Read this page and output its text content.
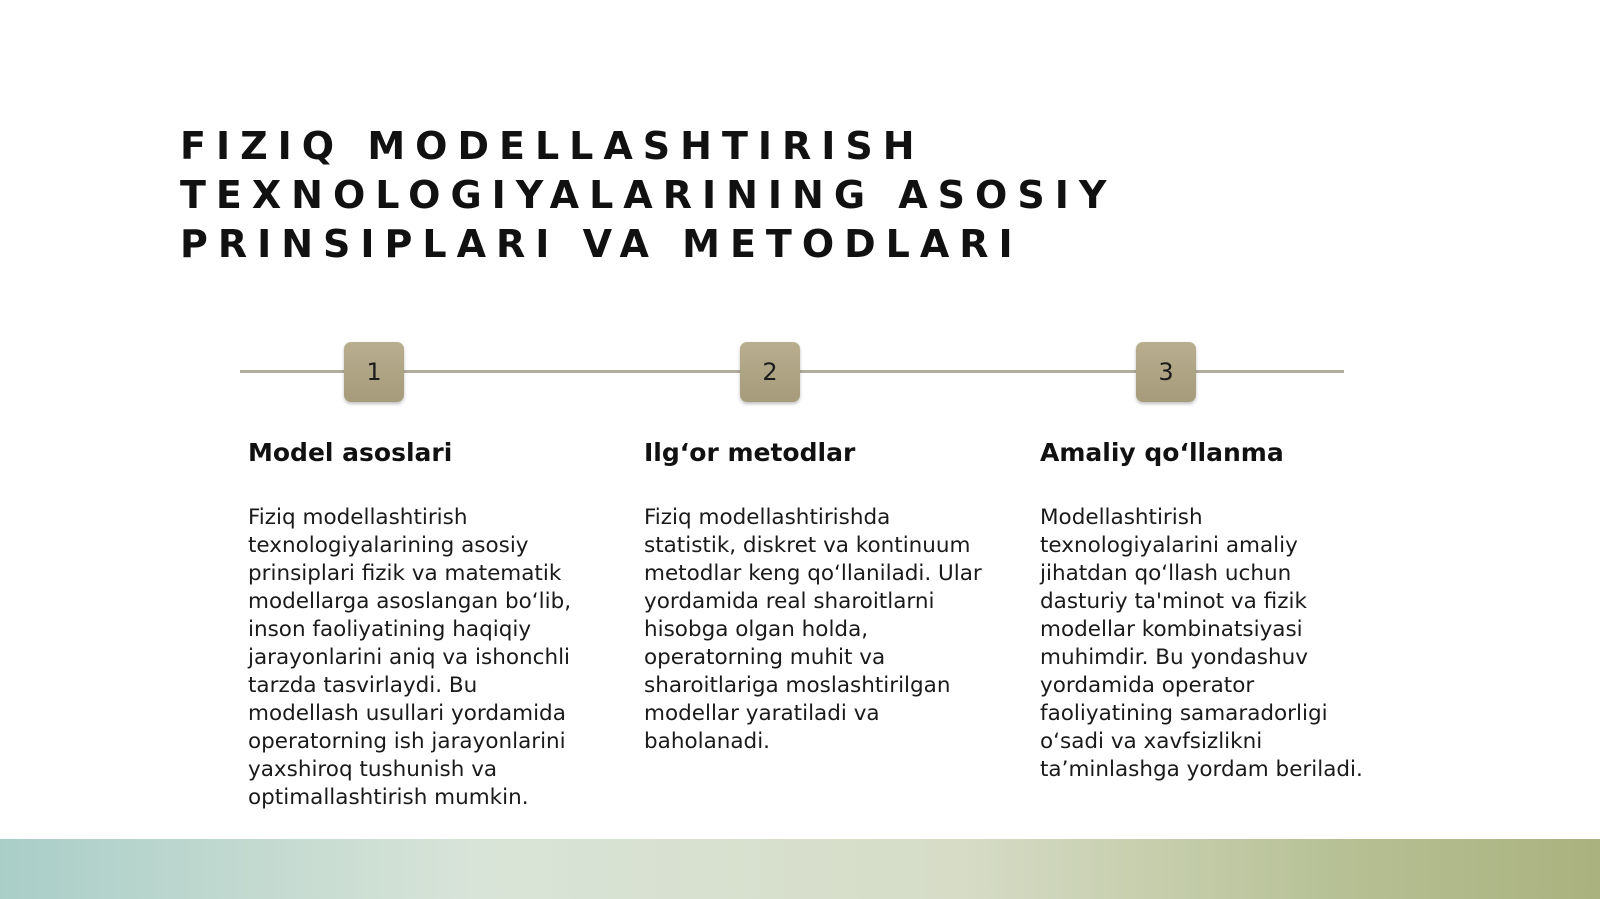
FIZIQ MODELLASHTIRISH
TEXNOLOGIYALARINING ASOSIY
PRINSIPLARI VA METODLARI
1	2	3
Model asoslari

Fiziq modellashtirish texnologiyalarining asosiy prinsiplari fizik va matematik modellarga asoslangan bo‘lib, inson faoliyatining haqiqiy jarayonlarini aniq va ishonchli tarzda tasvirlaydi. Bu modellash usullari yordamida operatorning ish jarayonlarini yaxshiroq tushunish va optimallashtirish mumkin.

Ilg‘or metodlar

Fiziq modellashtirishda statistik, diskret va kontinuum metodlar keng qo‘llaniladi. Ular yordamida real sharoitlarni hisobga olgan holda, operatorning muhit va sharoitlariga moslashtirilgan modellar yaratiladi va baholanadi.

Amaliy qo‘llanma

Modellashtirish texnologiyalarini amaliy jihatdan qo‘llash uchun dasturiy ta'minot va fizik modellar kombinatsiyasi muhimdir. Bu yondashuv yordamida operator faoliyatining samaradorligi o‘sadi va xavfsizlikni ta’minlashga yordam beriladi.
